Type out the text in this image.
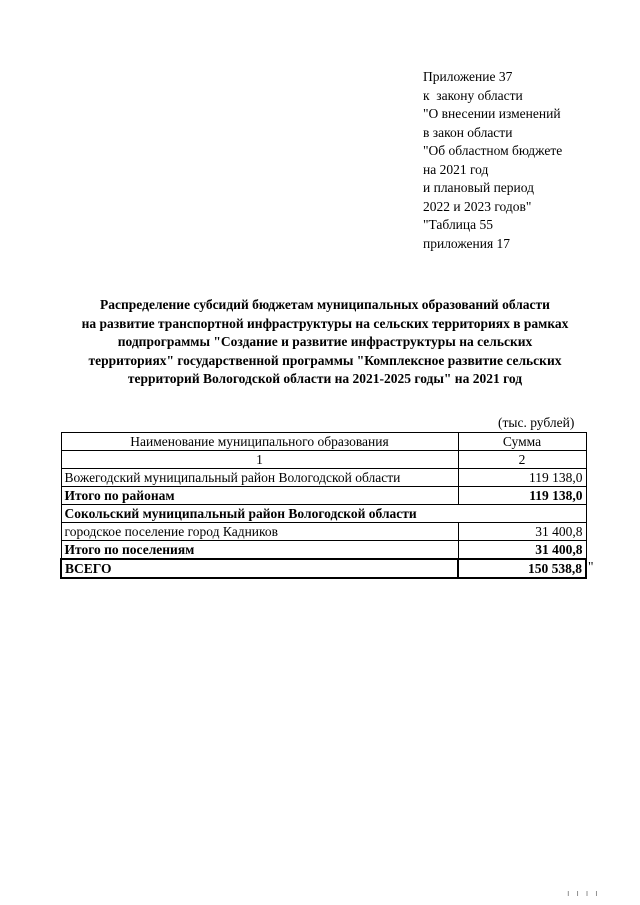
Приложение 37
к  закону области
"О внесении изменений
в закон области
"Об областном бюджете
на 2021 год
и плановый период
2022 и 2023 годов"
"Таблица 55
приложения 17
Распределение субсидий бюджетам муниципальных образований области
на развитие транспортной инфраструктуры на сельских территориях в рамках
подпрограммы "Создание и развитие инфраструктуры на сельских
территориях" государственной программы "Комплексное развитие сельских
территорий Вологодской области на 2021-2025 годы" на 2021 год
(тыс. рублей)
Наименование муниципального образования	Сумма
1	2
Вожегодский муниципальный район Вологодской области	119 138,0
Итого по районам	119 138,0
Сокольский муниципальный район Вологодской области	
городское поселение город Кадников	31 400,8
Итого по поселениям	31 400,8
ВСЕГО	150 538,8 "
ı ı ı ı
